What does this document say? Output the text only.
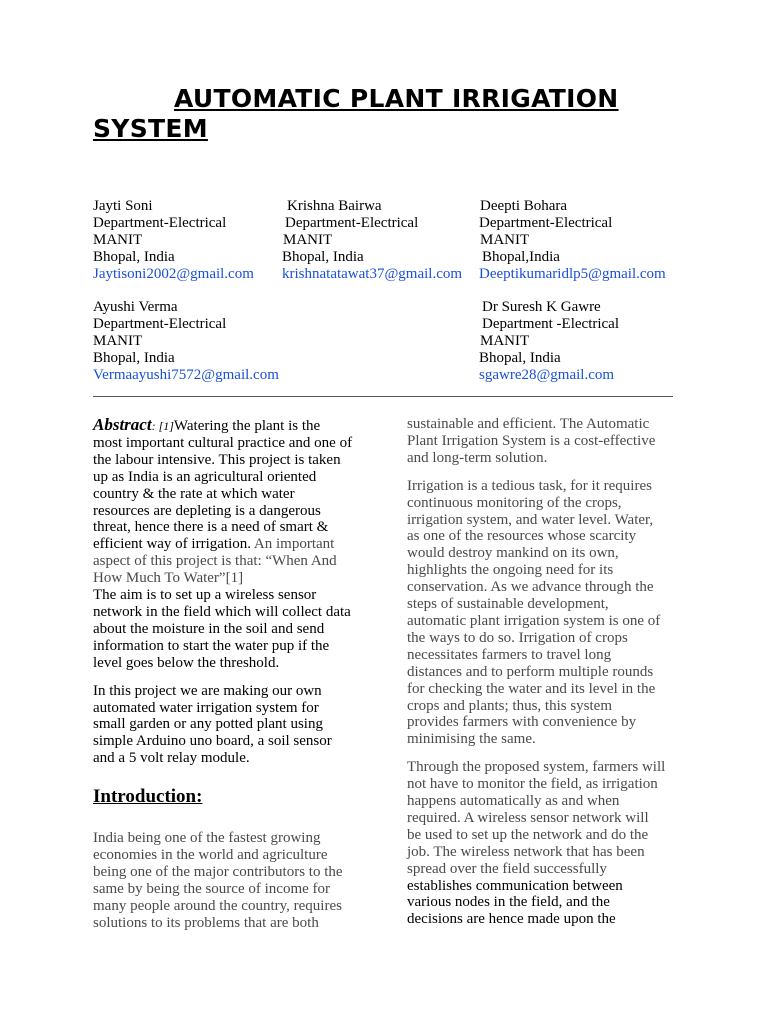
AUTOMATIC PLANT IRRIGATION
SYSTEM
Jayti Soni
Department-Electrical
MANIT
Bhopal, India
Jaytisoni2002@gmail.com
Krishna Bairwa
Department-Electrical
MANIT
Bhopal, India
krishnatatawat37@gmail.com
Deepti Bohara
Department-Electrical
MANIT
Bhopal,India
Deeptikumaridlp5@gmail.com
Ayushi Verma
Department-Electrical
MANIT
Bhopal, India
Vermaayushi7572@gmail.com
Dr Suresh K Gawre
Department -Electrical
MANIT
Bhopal, India
sgawre28@gmail.com

Abstract: [1]Watering the plant is the

most important cultural practice and one of

the labour intensive. This project is taken

up as India is an agricultural oriented

country & the rate at which water

resources are depleting is a dangerous

threat, hence there is a need of smart &

efficient way of irrigation. An important

aspect of this project is that: “When And

How Much To Water”[1]

The aim is to set up a wireless sensor

network in the field which will collect data

about the moisture in the soil and send

information to start the water pup if the

level goes below the threshold.

In this project we are making our own

automated water irrigation system for

small garden or any potted plant using

simple Arduino uno board, a soil sensor

and a 5 volt relay module.

Introduction:

India being one of the fastest growing

economies in the world and agriculture

being one of the major contributors to the

same by being the source of income for

many people around the country, requires

solutions to its problems that are both

sustainable and efficient. The Automatic

Plant Irrigation System is a cost-effective

and long-term solution.

Irrigation is a tedious task, for it requires

continuous monitoring of the crops,

irrigation system, and water level. Water,

as one of the resources whose scarcity

would destroy mankind on its own,

highlights the ongoing need for its

conservation. As we advance through the

steps of sustainable development,

automatic plant irrigation system is one of

the ways to do so. Irrigation of crops

necessitates farmers to travel long

distances and to perform multiple rounds

for checking the water and its level in the

crops and plants; thus, this system

provides farmers with convenience by

minimising the same.

Through the proposed system, farmers will

not have to monitor the field, as irrigation

happens automatically as and when

required. A wireless sensor network will

be used to set up the network and do the

job. The wireless network that has been

spread over the field successfully

establishes communication between

various nodes in the field, and the

decisions are hence made upon the
